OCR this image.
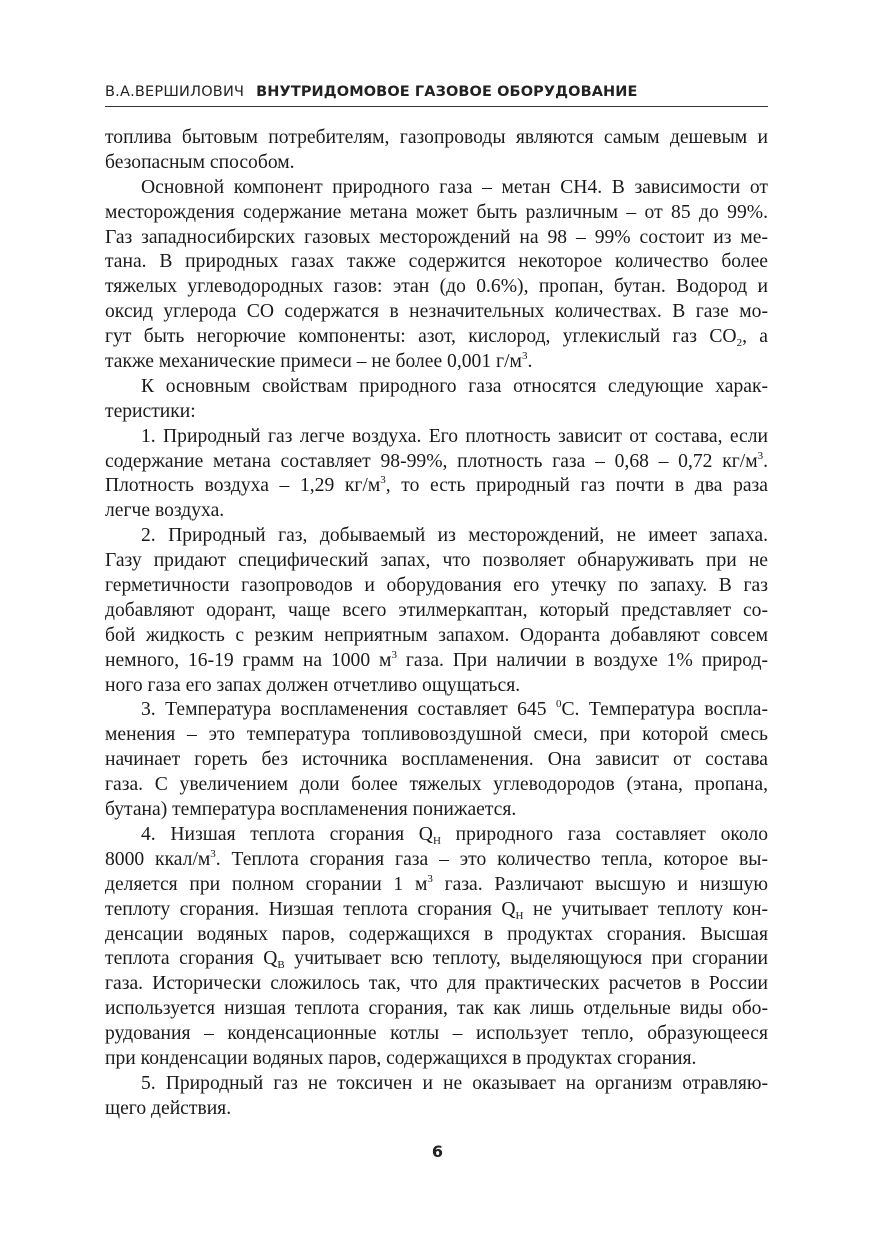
В.А.ВЕРШИЛОВИЧ ВНУТРИДОМОВОЕ ГАЗОВОЕ ОБОРУДОВАНИЕ
топлива бытовым потребителям, газопроводы являются самым дешевым и
безопасным способом.
Основной компонент природного газа – метан СН4. В зависимости от
месторождения содержание метана может быть различным – от 85 до 99%.
Газ западносибирских газовых месторождений на 98 – 99% состоит из ме-
тана. В природных газах также содержится некоторое количество более
тяжелых углеводородных газов: этан (до 0.6%), пропан, бутан. Водород и
оксид углерода СО содержатся в незначительных количествах. В газе мо-
гут быть негорючие компоненты: азот, кислород, углекислый газ $CO_2$, а
также механические примеси – не более 0,001 $г/м^3$.
К основным свойствам природного газа относятся следующие харак-
теристики:
1. Природный газ легче воздуха. Его плотность зависит от состава, если
содержание метана составляет 98-99%, плотность газа – 0,68 – 0,72 $кг/м^3$.
Плотность воздуха – 1,29 $кг/м^3$, то есть природный газ почти в два раза
легче воздуха.
2. Природный газ, добываемый из месторождений, не имеет запаха.
Газу придают специфический запах, что позволяет обнаруживать при не
герметичности газопроводов и оборудования его утечку по запаху. В газ
добавляют одорант, чаще всего этилмеркаптан, который представляет со-
бой жидкость с резким неприятным запахом. Одоранта добавляют совсем
немного, 16-19 грамм на 1000 $м^3$ газа. При наличии в воздухе 1% природ-
ного газа его запах должен отчетливо ощущаться.
3. Температура воспламенения составляет 645 $^0$С. Температура воспла-
менения – это температура топливовоздушной смеси, при которой смесь
начинает гореть без источника воспламенения. Она зависит от состава
газа. С увеличением доли более тяжелых углеводородов (этана, пропана,
бутана) температура воспламенения понижается.
4. Низшая теплота сгорания $Q_Н$ природного газа составляет около
8000 ккал/$м^3$. Теплота сгорания газа – это количество тепла, которое вы-
деляется при полном сгорании 1 $м^3$ газа. Различают высшую и низшую
теплоту сгорания. Низшая теплота сгорания $Q_Н$ не учитывает теплоту кон-
денсации водяных паров, содержащихся в продуктах сгорания. Высшая
теплота сгорания $Q_В$ учитывает всю теплоту, выделяющуюся при сгорании
газа. Исторически сложилось так, что для практических расчетов в России
используется низшая теплота сгорания, так как лишь отдельные виды обо-
рудования – конденсационные котлы – использует тепло, образующееся
при конденсации водяных паров, содержащихся в продуктах сгорания.
5. Природный газ не токсичен и не оказывает на организм отравляю-
щего действия.
6
